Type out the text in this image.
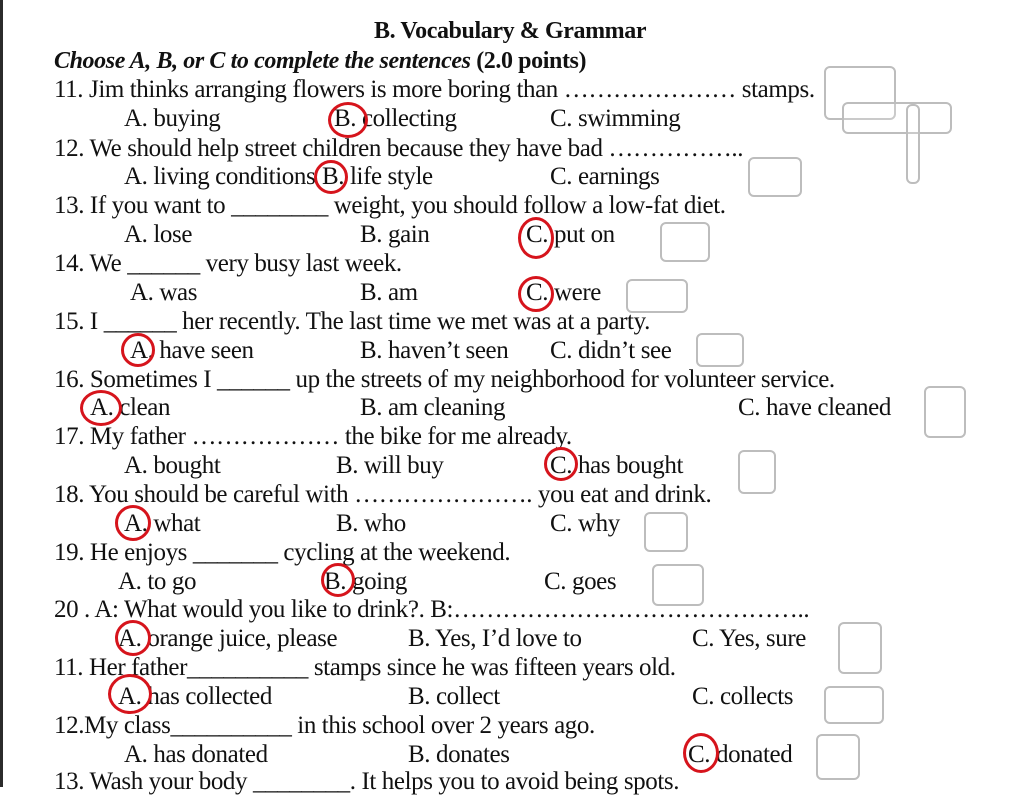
B. Vocabulary & Grammar
Choose A, B, or C to complete the sentences (2.0 points)
11. Jim thinks arranging flowers is more boring than ………………… stamps.
A. buying	B. collecting	C. swimming
12. We should help street children because they have bad ……………..
A. living conditions B. life style	C. earnings
13. If you want to ________ weight, you should follow a low-fat diet.
A. lose	B. gain	C. put on
14. We ______ very busy last week.
A. was	B. am	C. were
15. I ______ her recently. The last time we met was at a party.
A. have seen	B. haven’t seen C. didn’t see
16. Sometimes I ______ up the streets of my neighborhood for volunteer service.
A. clean	B. am cleaning	C. have cleaned
17. My father ……………… the bike for me already.
A. bought	B. will buy	C. has bought
18. You should be careful with …………………. you eat and drink.
A. what	B. who	C. why
19. He enjoys _______ cycling at the weekend.
A. to go	B. going	C. goes
20 . A: What would you like to drink?. B:……………………………………..
A. orange juice, please	B. Yes, I’d love to	C. Yes, sure
11. Her father__________ stamps since he was fifteen years old.
A. has collected	B. collect	C. collects
12.My class__________ in this school over 2 years ago.
A. has donated	B. donates	C. donated
13. Wash your body ________. It helps you to avoid being spots.
